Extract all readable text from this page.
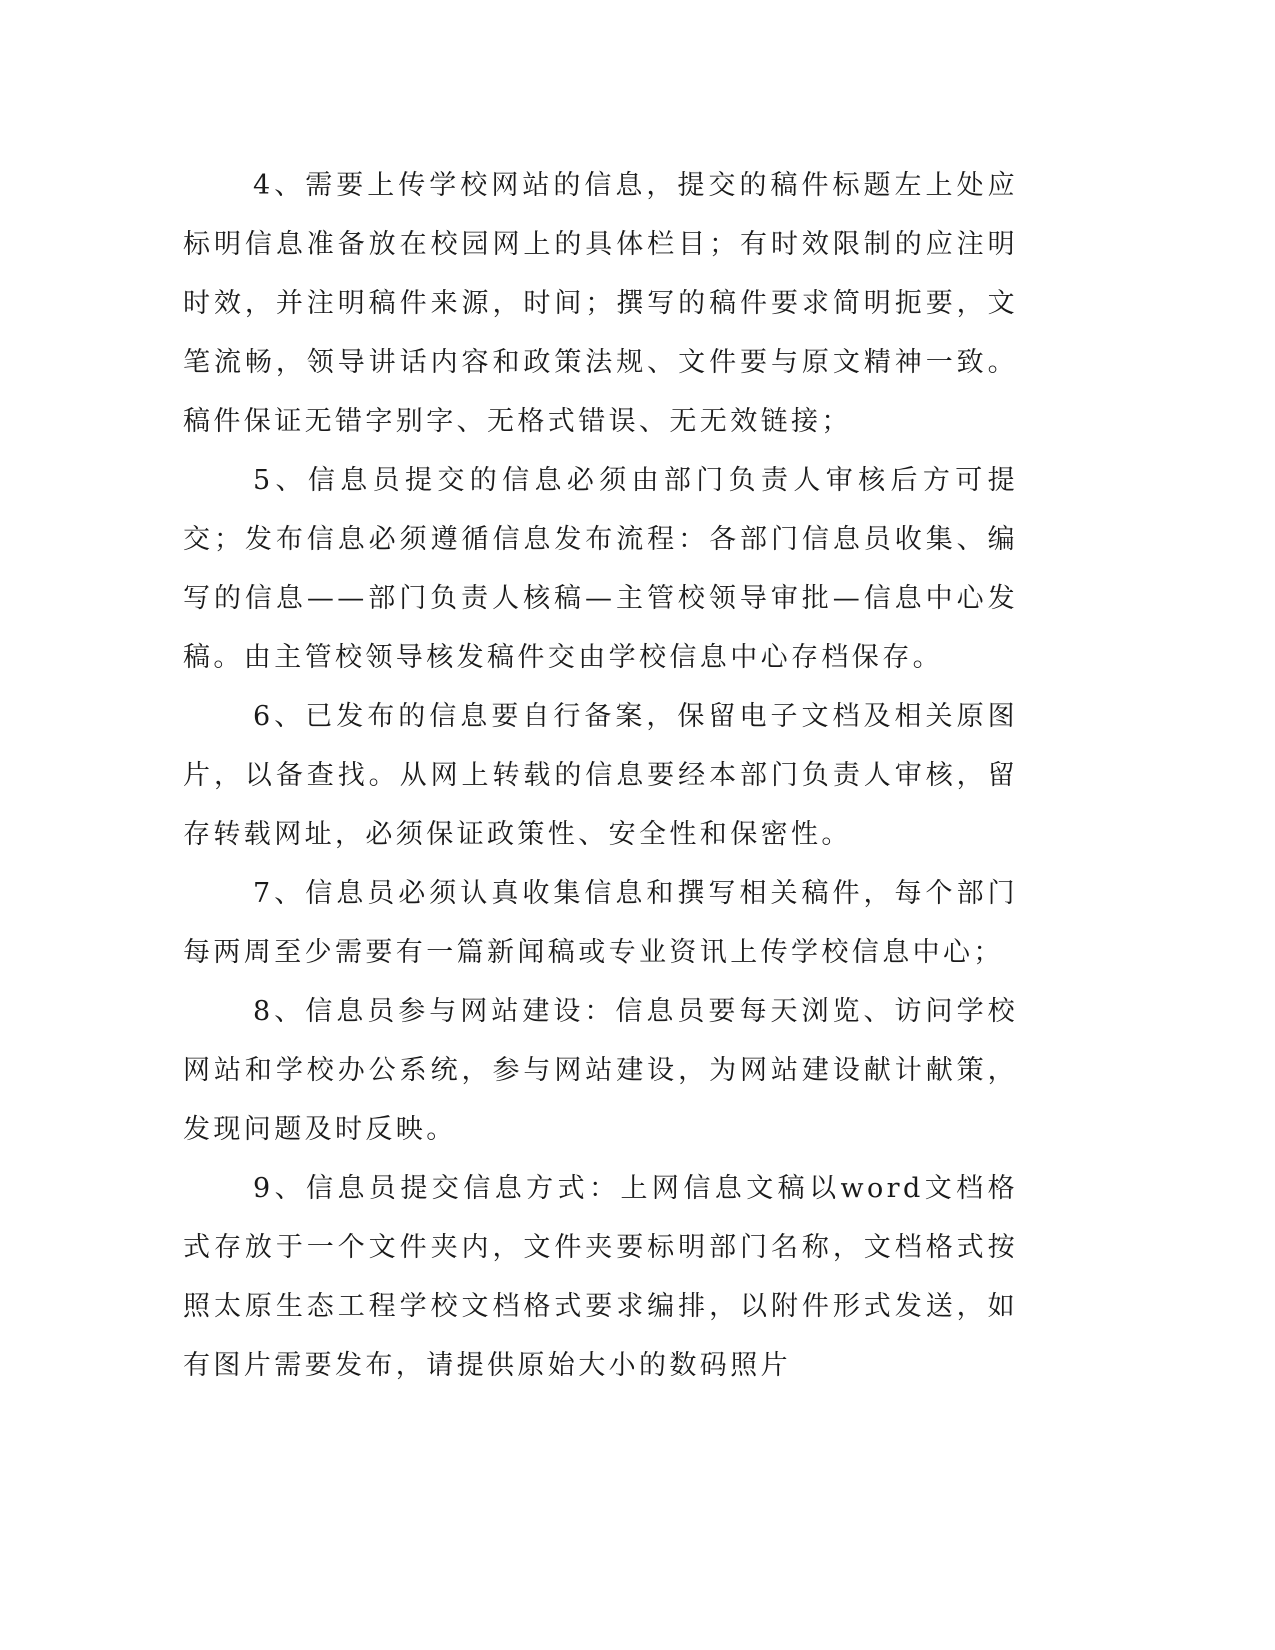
4、需要上传学校网站的信息，提交的稿件标题左上处应标明信息准备放在校园网上的具体栏目；有时效限制的应注明时效，并注明稿件来源，时间；撰写的稿件要求简明扼要，文笔流畅，领导讲话内容和政策法规、文件要与原文精神一致。稿件保证无错字别字、无格式错误、无无效链接；

5、信息员提交的信息必须由部门负责人审核后方可提交；发布信息必须遵循信息发布流程：各部门信息员收集、编写的信息——部门负责人核稿—主管校领导审批—信息中心发稿。由主管校领导核发稿件交由学校信息中心存档保存。

6、已发布的信息要自行备案，保留电子文档及相关原图片，以备查找。从网上转载的信息要经本部门负责人审核，留存转载网址，必须保证政策性、安全性和保密性。

7、信息员必须认真收集信息和撰写相关稿件，每个部门每两周至少需要有一篇新闻稿或专业资讯上传学校信息中心；

8、信息员参与网站建设：信息员要每天浏览、访问学校网站和学校办公系统，参与网站建设，为网站建设献计献策，发现问题及时反映。

9、信息员提交信息方式：上网信息文稿以word文档格式存放于一个文件夹内，文件夹要标明部门名称，文档格式按照太原生态工程学校文档格式要求编排，以附件形式发送，如有图片需要发布，请提供原始大小的数码照片
